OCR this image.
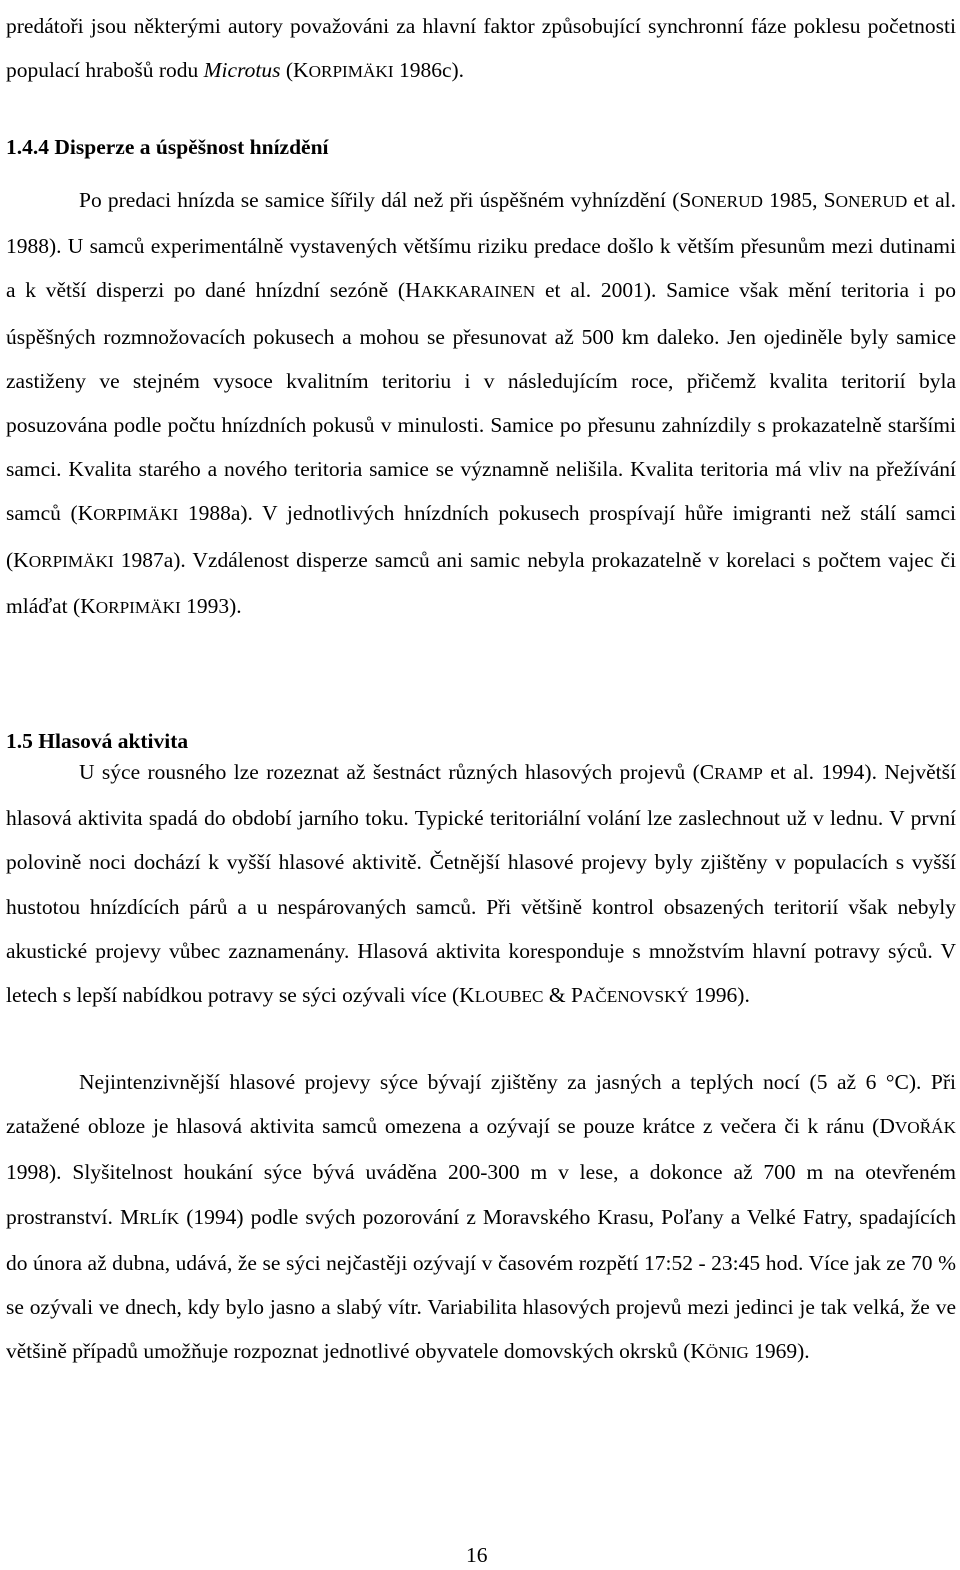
predátoři jsou některými autory považováni za hlavní faktor způsobující synchronní fáze poklesu početnosti populací hrabošů rodu Microtus (KORPIMÄKI 1986c).

1.4.4 Disperze a úspěšnost hnízdění

Po predaci hnízda se samice šířily dál než při úspěšném vyhnízdění (SONERUD 1985, SONERUD et al. 1988). U samců experimentálně vystavených většímu riziku predace došlo k větším přesunům mezi dutinami a k větší disperzi po dané hnízdní sezóně (HAKKARAINEN et al. 2001). Samice však mění teritoria i po úspěšných rozmnožovacích pokusech a mohou se přesunovat až 500 km daleko. Jen ojediněle byly samice zastiženy ve stejném vysoce kvalitním teritoriu i v následujícím roce, přičemž kvalita teritorií byla posuzována podle počtu hnízdních pokusů v minulosti. Samice po přesunu zahnízdily s prokazatelně staršími samci. Kvalita starého a nového teritoria samice se významně nelišila. Kvalita teritoria má vliv na přežívání samců (KORPIMÄKI 1988a). V jednotlivých hnízdních pokusech prospívají hůře imigranti než stálí samci (KORPIMÄKI 1987a). Vzdálenost disperze samců ani samic nebyla prokazatelně v korelaci s počtem vajec či mláďat (KORPIMÄKI 1993).

1.5 Hlasová aktivita

U sýce rousného lze rozeznat až šestnáct různých hlasových projevů (CRAMP et al. 1994). Největší hlasová aktivita spadá do období jarního toku. Typické teritoriální volání lze zaslechnout už v lednu. V první polovině noci dochází k vyšší hlasové aktivitě. Četnější hlasové projevy byly zjištěny v populacích s vyšší hustotou hnízdících párů a u nespárovaných samců. Při většině kontrol obsazených teritorií však nebyly akustické projevy vůbec zaznamenány. Hlasová aktivita koresponduje s množstvím hlavní potravy sýců. V letech s lepší nabídkou potravy se sýci ozývali více (KLOUBEC & PAČENOVSKÝ 1996).

Nejintenzivnější hlasové projevy sýce bývají zjištěny za jasných a teplých nocí (5 až 6 °C). Při zatažené obloze je hlasová aktivita samců omezena a ozývají se pouze krátce z večera či k ránu (DVOŘÁK 1998). Slyšitelnost houkání sýce bývá uváděna 200-300 m v lese, a dokonce až 700 m na otevřeném prostranství. MRLÍK (1994) podle svých pozorování z Moravského Krasu, Poľany a Velké Fatry, spadajících do února až dubna, udává, že se sýci nejčastěji ozývají v časovém rozpětí 17:52 - 23:45 hod. Více jak ze 70 % se ozývali ve dnech, kdy bylo jasno a slabý vítr. Variabilita hlasových projevů mezi jedinci je tak velká, že ve většině případů umožňuje rozpoznat jednotlivé obyvatele domovských okrsků (KÖNIG 1969).

16
